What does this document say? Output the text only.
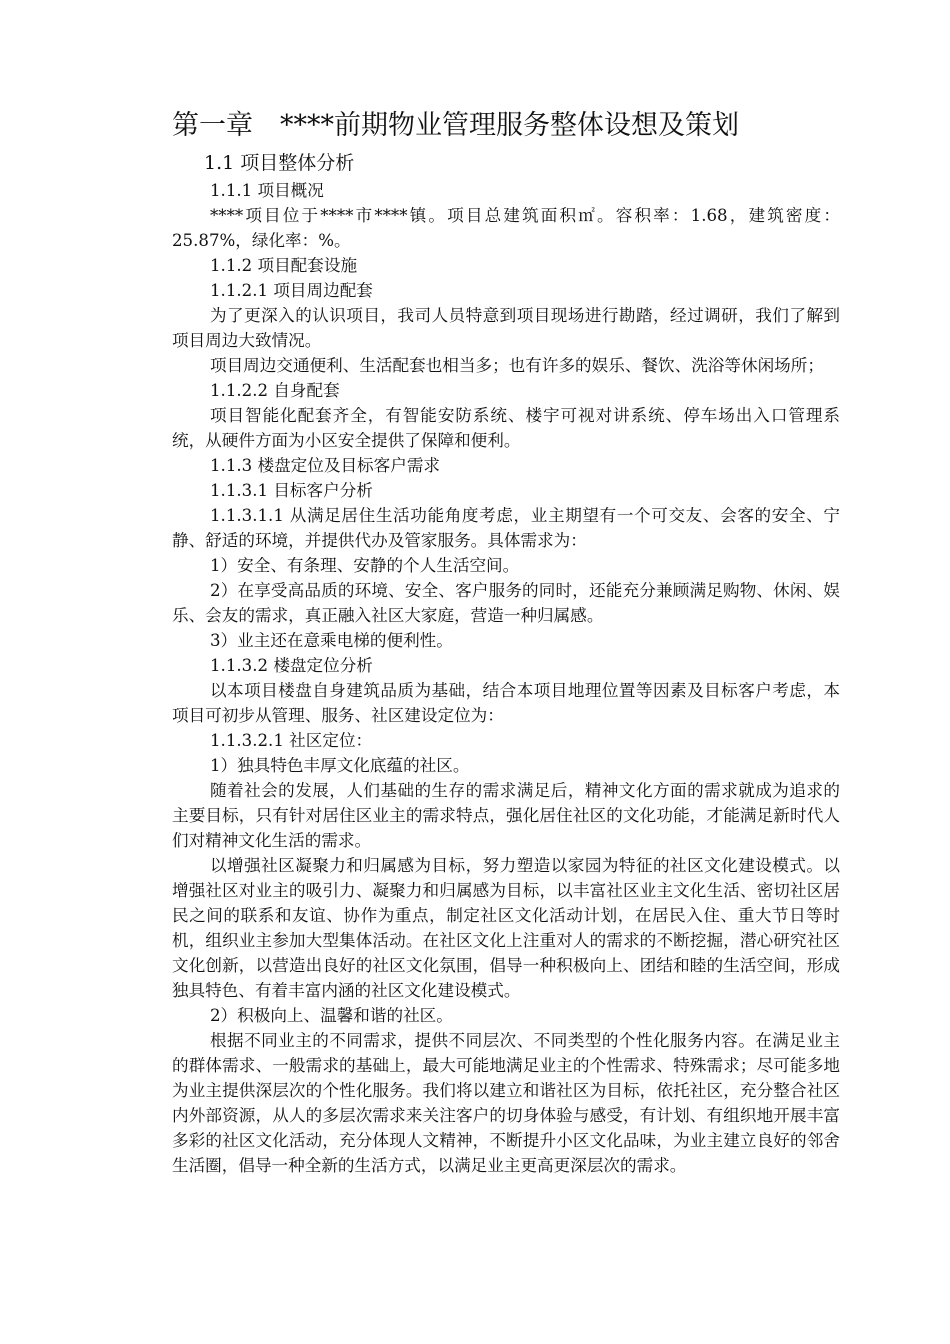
第一章　****前期物业管理服务整体设想及策划
1.1 项目整体分析

1.1.1 项目概况

****项目位于****市****镇。项目总建筑面积㎡。容积率：1.68，建筑密度：25.87%，绿化率：%。

1.1.2 项目配套设施

1.1.2.1 项目周边配套

为了更深入的认识项目，我司人员特意到项目现场进行勘踏，经过调研，我们了解到项目周边大致情况。

项目周边交通便利、生活配套也相当多；也有许多的娱乐、餐饮、洗浴等休闲场所；

1.1.2.2 自身配套

项目智能化配套齐全，有智能安防系统、楼宇可视对讲系统、停车场出入口管理系统，从硬件方面为小区安全提供了保障和便利。

1.1.3 楼盘定位及目标客户需求

1.1.3.1 目标客户分析

1.1.3.1.1 从满足居住生活功能角度考虑，业主期望有一个可交友、会客的安全、宁静、舒适的环境，并提供代办及管家服务。具体需求为：

1）安全、有条理、安静的个人生活空间。

2）在享受高品质的环境、安全、客户服务的同时，还能充分兼顾满足购物、休闲、娱乐、会友的需求，真正融入社区大家庭，营造一种归属感。

3）业主还在意乘电梯的便利性。

1.1.3.2 楼盘定位分析

以本项目楼盘自身建筑品质为基础，结合本项目地理位置等因素及目标客户考虑，本项目可初步从管理、服务、社区建设定位为：

1.1.3.2.1 社区定位：

1）独具特色丰厚文化底蕴的社区。

随着社会的发展，人们基础的生存的需求满足后，精神文化方面的需求就成为追求的主要目标，只有针对居住区业主的需求特点，强化居住社区的文化功能，才能满足新时代人们对精神文化生活的需求。

以增强社区凝聚力和归属感为目标，努力塑造以家园为特征的社区文化建设模式。以增强社区对业主的吸引力、凝聚力和归属感为目标，以丰富社区业主文化生活、密切社区居民之间的联系和友谊、协作为重点，制定社区文化活动计划，在居民入住、重大节日等时机，组织业主参加大型集体活动。在社区文化上注重对人的需求的不断挖掘，潜心研究社区文化创新，以营造出良好的社区文化氛围，倡导一种积极向上、团结和睦的生活空间，形成独具特色、有着丰富内涵的社区文化建设模式。

2）积极向上、温馨和谐的社区。

根据不同业主的不同需求，提供不同层次、不同类型的个性化服务内容。在满足业主的群体需求、一般需求的基础上，最大可能地满足业主的个性需求、特殊需求；尽可能多地为业主提供深层次的个性化服务。我们将以建立和谐社区为目标，依托社区，充分整合社区内外部资源，从人的多层次需求来关注客户的切身体验与感受，有计划、有组织地开展丰富多彩的社区文化活动，充分体现人文精神，不断提升小区文化品味，为业主建立良好的邻舍生活圈，倡导一种全新的生活方式，以满足业主更高更深层次的需求。
